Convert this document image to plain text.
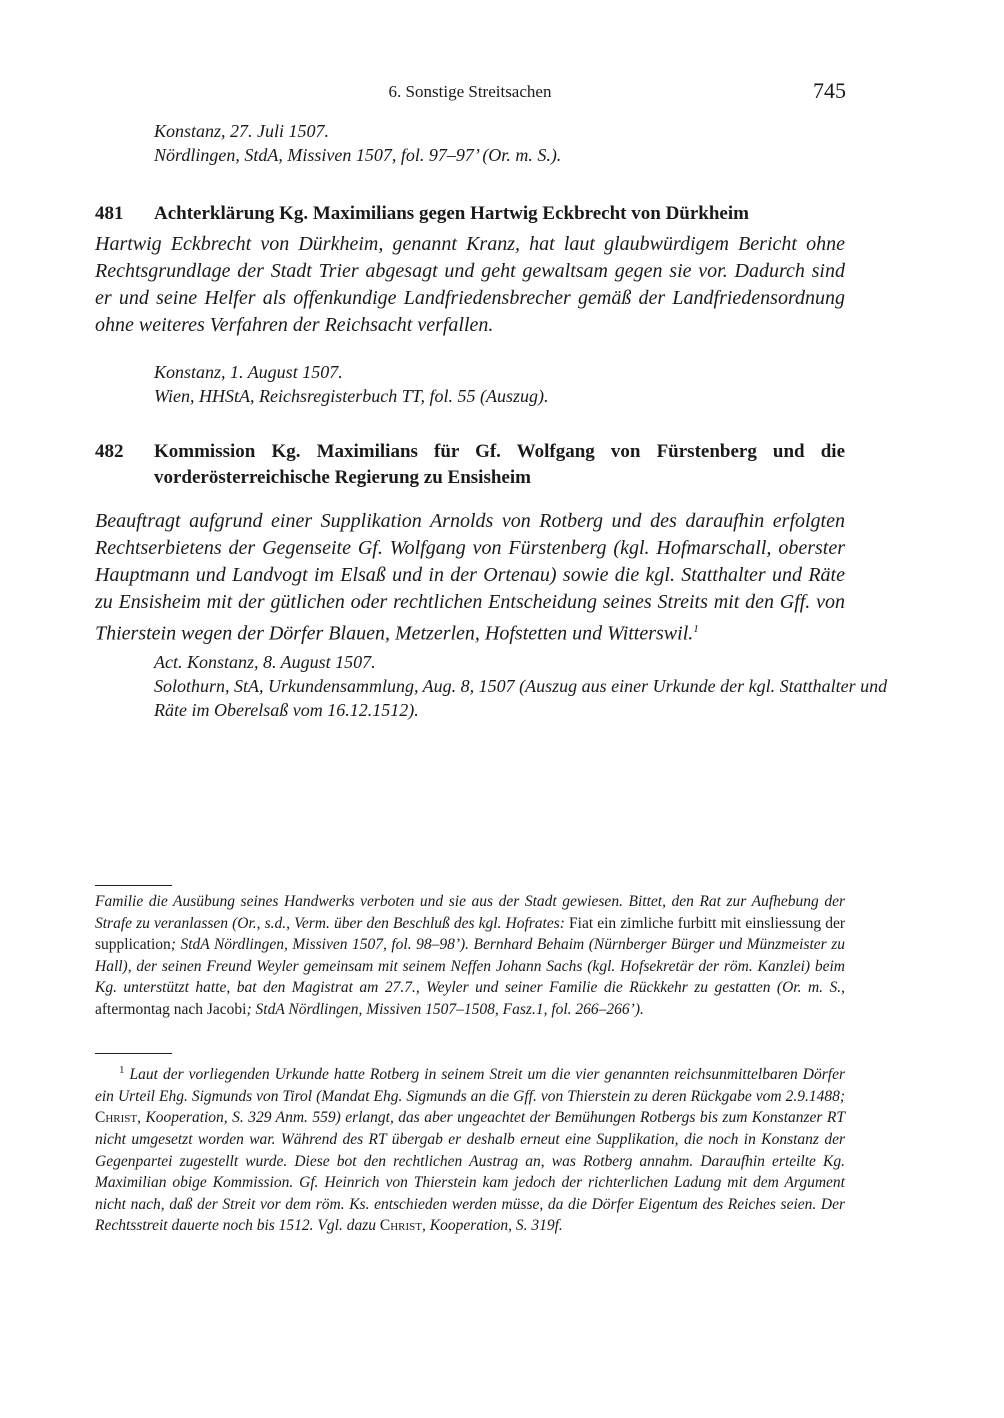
6. Sonstige Streitsachen	745
Konstanz, 27. Juli 1507.
Nördlingen, StdA, Missiven 1507, fol. 97–97’ (Or. m. S.).
481	Achterklärung Kg. Maximilians gegen Hartwig Eckbrecht von Dürkheim
Hartwig Eckbrecht von Dürkheim, genannt Kranz, hat laut glaubwürdigem Bericht ohne Rechtsgrundlage der Stadt Trier abgesagt und geht gewaltsam gegen sie vor. Dadurch sind er und seine Helfer als offenkundige Landfriedensbrecher gemäß der Landfriedensordnung ohne weiteres Verfahren der Reichsacht verfallen.
Konstanz, 1. August 1507.
Wien, HHStA, Reichsregisterbuch TT, fol. 55 (Auszug).
482	Kommission Kg. Maximilians für Gf. Wolfgang von Fürstenberg und die vorderösterreichische Regierung zu Ensisheim
Beauftragt aufgrund einer Supplikation Arnolds von Rotberg und des daraufhin erfolgten Rechtserbietens der Gegenseite Gf. Wolfgang von Fürstenberg (kgl. Hofmarschall, oberster Hauptmann und Landvogt im Elsaß und in der Ortenau) sowie die kgl. Statthalter und Räte zu Ensisheim mit der gütlichen oder rechtlichen Entscheidung seines Streits mit den Gff. von Thierstein wegen der Dörfer Blauen, Metzerlen, Hofstetten und Witterswil.$^1$
Act. Konstanz, 8. August 1507.
Solothurn, StA, Urkundensammlung, Aug. 8, 1507 (Auszug aus einer Urkunde der kgl. Statthalter und Räte im Oberelsaß vom 16.12.1512).
Familie die Ausübung seines Handwerks verboten und sie aus der Stadt gewiesen. Bittet, den Rat zur Aufhebung der Strafe zu veranlassen (Or., s.d., Verm. über den Beschluß des kgl. Hofrates: Fiat ein zimliche furbitt mit einsliessung der supplication; StdA Nördlingen, Missiven 1507, fol. 98–98’). Bernhard Behaim (Nürnberger Bürger und Münzmeister zu Hall), der seinen Freund Weyler gemeinsam mit seinem Neffen Johann Sachs (kgl. Hofsekretär der röm. Kanzlei) beim Kg. unterstützt hatte, bat den Magistrat am 27.7., Weyler und seiner Familie die Rückkehr zu gestatten (Or. m. S., aftermontag nach Jacobi; StdA Nördlingen, Missiven 1507–1508, Fasz.1, fol. 266–266’).
$^1$ Laut der vorliegenden Urkunde hatte Rotberg in seinem Streit um die vier genannten reichsunmittelbaren Dörfer ein Urteil Ehg. Sigmunds von Tirol (Mandat Ehg. Sigmunds an die Gff. von Thierstein zu deren Rückgabe vom 2.9.1488; Christ, Kooperation, S. 329 Anm. 559) erlangt, das aber ungeachtet der Bemühungen Rotbergs bis zum Konstanzer RT nicht umgesetzt worden war. Während des RT übergab er deshalb erneut eine Supplikation, die noch in Konstanz der Gegenpartei zugestellt wurde. Diese bot den rechtlichen Austrag an, was Rotberg annahm. Daraufhin erteilte Kg. Maximilian obige Kommission. Gf. Heinrich von Thierstein kam jedoch der richterlichen Ladung mit dem Argument nicht nach, daß der Streit vor dem röm. Ks. entschieden werden müsse, da die Dörfer Eigentum des Reiches seien. Der Rechtsstreit dauerte noch bis 1512. Vgl. dazu Christ, Kooperation, S. 319f.
